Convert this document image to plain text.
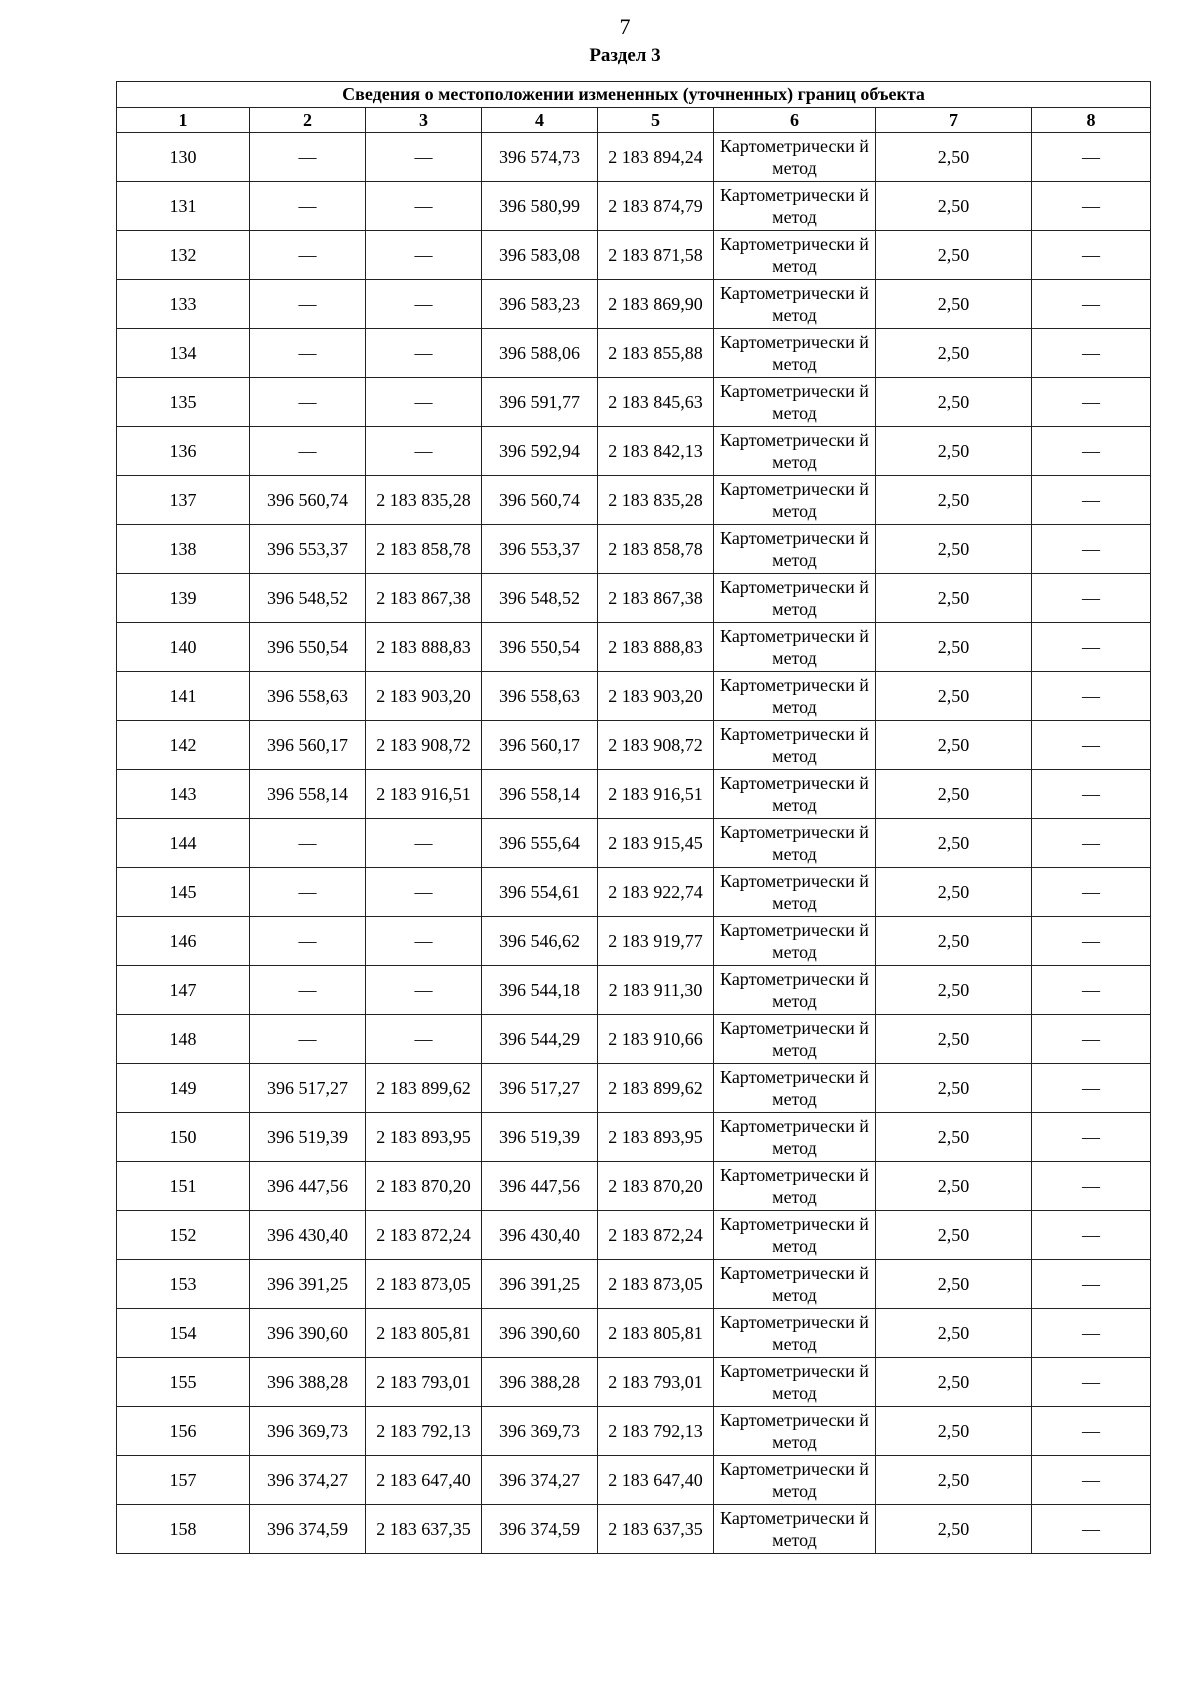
7
Раздел 3
Сведения о местоположении измененных (уточненных) границ объекта							
1	2	3	4	5	6	7	8
130	—	—	396 574,73	2 183 894,24	Картометрически й метод	2,50	—
131	—	—	396 580,99	2 183 874,79	Картометрически й метод	2,50	—
132	—	—	396 583,08	2 183 871,58	Картометрически й метод	2,50	—
133	—	—	396 583,23	2 183 869,90	Картометрически й метод	2,50	—
134	—	—	396 588,06	2 183 855,88	Картометрически й метод	2,50	—
135	—	—	396 591,77	2 183 845,63	Картометрически й метод	2,50	—
136	—	—	396 592,94	2 183 842,13	Картометрически й метод	2,50	—
137	396 560,74	2 183 835,28	396 560,74	2 183 835,28	Картометрически й метод	2,50	—
138	396 553,37	2 183 858,78	396 553,37	2 183 858,78	Картометрически й метод	2,50	—
139	396 548,52	2 183 867,38	396 548,52	2 183 867,38	Картометрически й метод	2,50	—
140	396 550,54	2 183 888,83	396 550,54	2 183 888,83	Картометрически й метод	2,50	—
141	396 558,63	2 183 903,20	396 558,63	2 183 903,20	Картометрически й метод	2,50	—
142	396 560,17	2 183 908,72	396 560,17	2 183 908,72	Картометрически й метод	2,50	—
143	396 558,14	2 183 916,51	396 558,14	2 183 916,51	Картометрически й метод	2,50	—
144	—	—	396 555,64	2 183 915,45	Картометрически й метод	2,50	—
145	—	—	396 554,61	2 183 922,74	Картометрически й метод	2,50	—
146	—	—	396 546,62	2 183 919,77	Картометрически й метод	2,50	—
147	—	—	396 544,18	2 183 911,30	Картометрически й метод	2,50	—
148	—	—	396 544,29	2 183 910,66	Картометрически й метод	2,50	—
149	396 517,27	2 183 899,62	396 517,27	2 183 899,62	Картометрически й метод	2,50	—
150	396 519,39	2 183 893,95	396 519,39	2 183 893,95	Картометрически й метод	2,50	—
151	396 447,56	2 183 870,20	396 447,56	2 183 870,20	Картометрически й метод	2,50	—
152	396 430,40	2 183 872,24	396 430,40	2 183 872,24	Картометрически й метод	2,50	—
153	396 391,25	2 183 873,05	396 391,25	2 183 873,05	Картометрически й метод	2,50	—
154	396 390,60	2 183 805,81	396 390,60	2 183 805,81	Картометрически й метод	2,50	—
155	396 388,28	2 183 793,01	396 388,28	2 183 793,01	Картометрически й метод	2,50	—
156	396 369,73	2 183 792,13	396 369,73	2 183 792,13	Картометрически й метод	2,50	—
157	396 374,27	2 183 647,40	396 374,27	2 183 647,40	Картометрически й метод	2,50	—
158	396 374,59	2 183 637,35	396 374,59	2 183 637,35	Картометрически й метод	2,50	—
